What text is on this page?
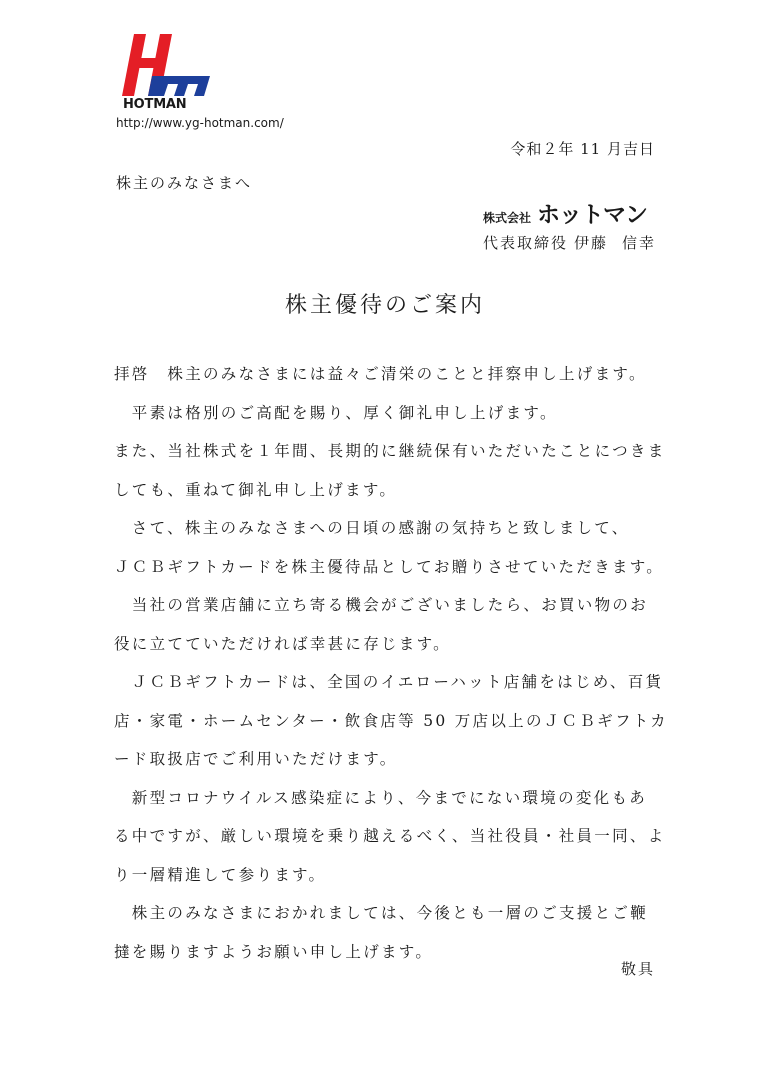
HOTMAN
http://www.yg-hotman.com/
令和２年 11 月吉日
株主のみなさまへ
株式会社 ホットマン
代表取締役 伊藤 信幸
株主優待のご案内
拝啓　株主のみなさまには益々ご清栄のことと拝察申し上げます。
　平素は格別のご高配を賜り、厚く御礼申し上げます。
また、当社株式を１年間、長期的に継続保有いただいたことにつきま
しても、重ねて御礼申し上げます。
　さて、株主のみなさまへの日頃の感謝の気持ちと致しまして、
ＪＣＢギフトカードを株主優待品としてお贈りさせていただきます。
　当社の営業店舗に立ち寄る機会がございましたら、お買い物のお
役に立てていただければ幸甚に存じます。
　ＪＣＢギフトカードは、全国のイエローハット店舗をはじめ、百貨
店・家電・ホームセンター・飲食店等 50 万店以上のＪＣＢギフトカ
ード取扱店でご利用いただけます。
　新型コロナウイルス感染症により、今までにない環境の変化もあ
る中ですが、厳しい環境を乗り越えるべく、当社役員・社員一同、よ
り一層精進して参ります。
　株主のみなさまにおかれましては、今後とも一層のご支援とご鞭
撻を賜りますようお願い申し上げます。
敬具
